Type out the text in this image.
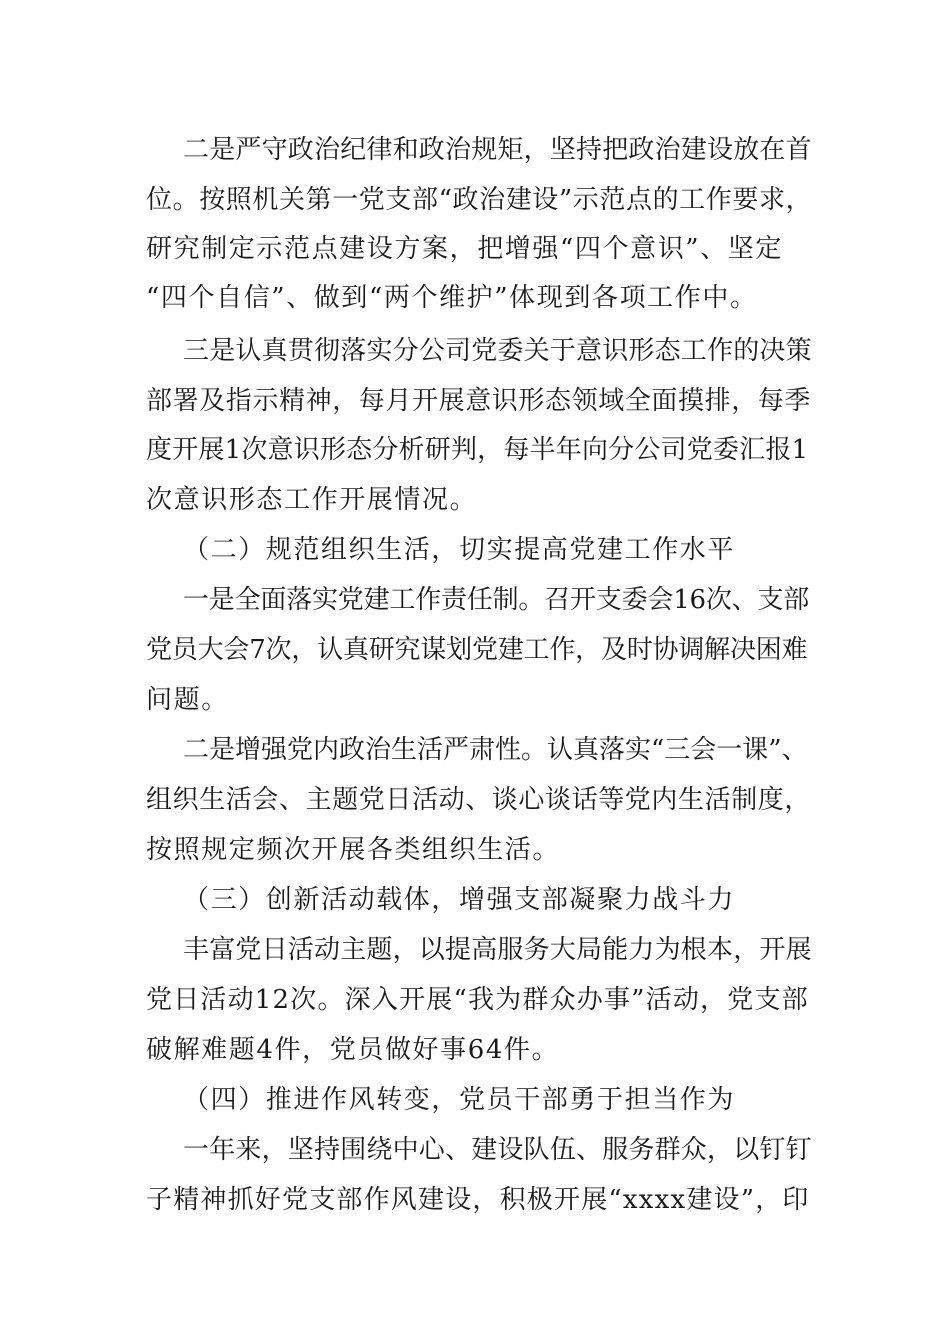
二是严守政治纪律和政治规矩，坚持把政治建设放在首

位。按照机关第一党支部“政治建设”示范点的工作要求，

研究制定示范点建设方案，把增强“四个意识”、坚定

“四个自信”、做到“两个维护”体现到各项工作中。

三是认真贯彻落实分公司党委关于意识形态工作的决策

部署及指示精神，每月开展意识形态领域全面摸排，每季

度开展1次意识形态分析研判，每半年向分公司党委汇报1

次意识形态工作开展情况。

（二）规范组织生活，切实提高党建工作水平

一是全面落实党建工作责任制。召开支委会16次、支部

党员大会7次，认真研究谋划党建工作，及时协调解决困难

问题。

二是增强党内政治生活严肃性。认真落实“三会一课”、

组织生活会、主题党日活动、谈心谈话等党内生活制度，

按照规定频次开展各类组织生活。

（三）创新活动载体，增强支部凝聚力战斗力

丰富党日活动主题，以提高服务大局能力为根本，开展

党日活动12次。深入开展“我为群众办事”活动，党支部

破解难题4件，党员做好事64件。

（四）推进作风转变，党员干部勇于担当作为

一年来，坚持围绕中心、建设队伍、服务群众，以钉钉

子精神抓好党支部作风建设，积极开展“xxxx建设”，印
